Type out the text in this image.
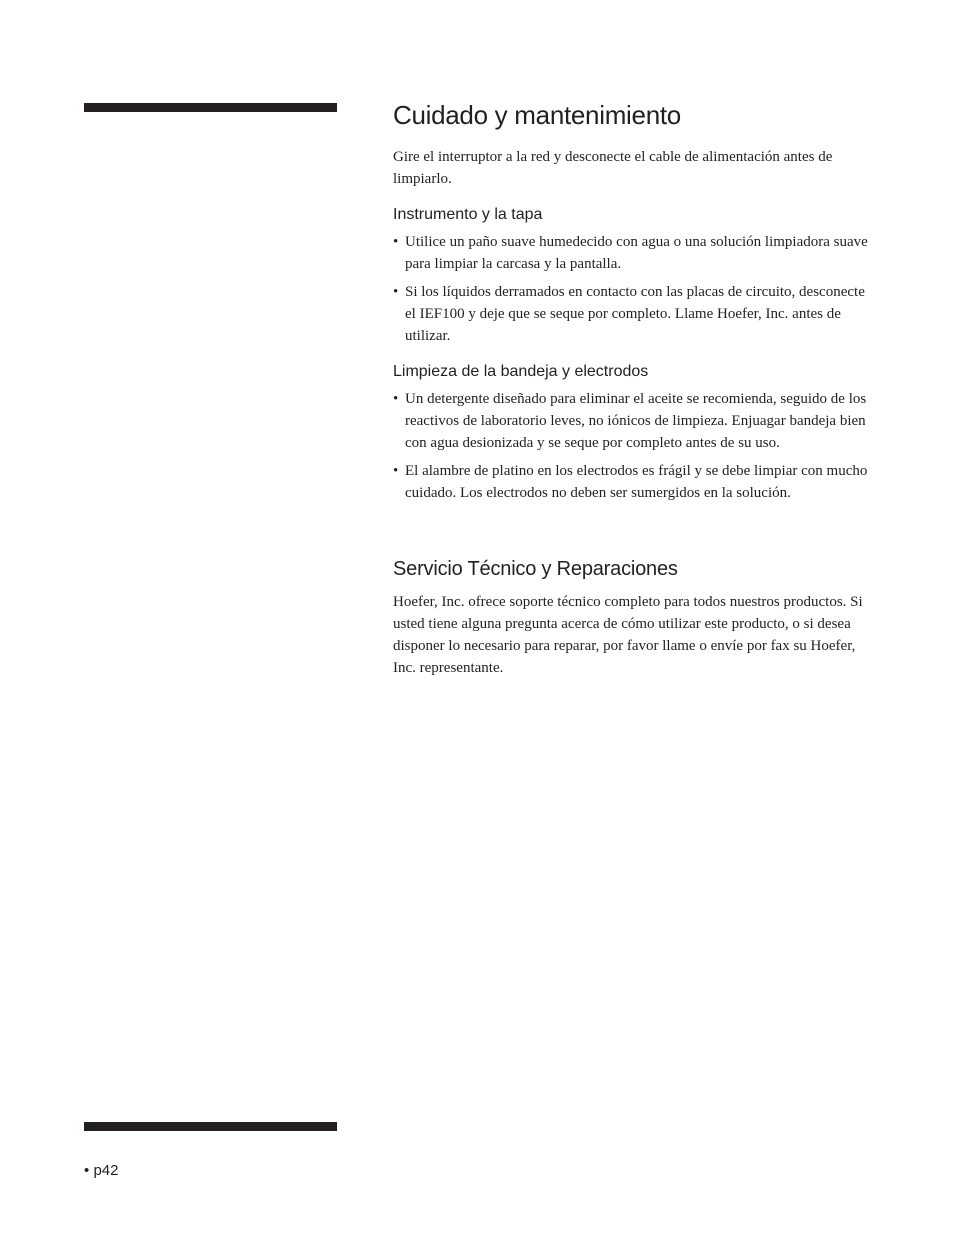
Cuidado y mantenimiento

Gire el interruptor a la red y desconecte el cable de alimentación antes de limpiarlo.

Instrumento y la tapa
• Utilice un paño suave humedecido con agua o una solución limpiadora suave para limpiar la carcasa y la pantalla.
• Si los líquidos derramados en contacto con las placas de circuito, desconecte el IEF100 y deje que se seque por completo. Llame Hoefer, Inc. antes de utilizar.
Limpieza de la bandeja y electrodos
• Un detergente diseñado para eliminar el aceite se recomienda, seguido de los reactivos de laboratorio leves, no iónicos de limpieza. Enjuagar bandeja bien con agua desionizada y se seque por completo antes de su uso.
• El alambre de platino en los electrodos es frágil y se debe limpiar con mucho cuidado. Los electrodos no deben ser sumergidos en la solución.
Servicio Técnico y Reparaciones

Hoefer, Inc. ofrece soporte técnico completo para todos nuestros productos. Si usted tiene alguna pregunta acerca de cómo utilizar este producto, o si desea disponer lo necesario para reparar, por favor llame o envíe por fax su Hoefer, Inc. representante.

• p42
